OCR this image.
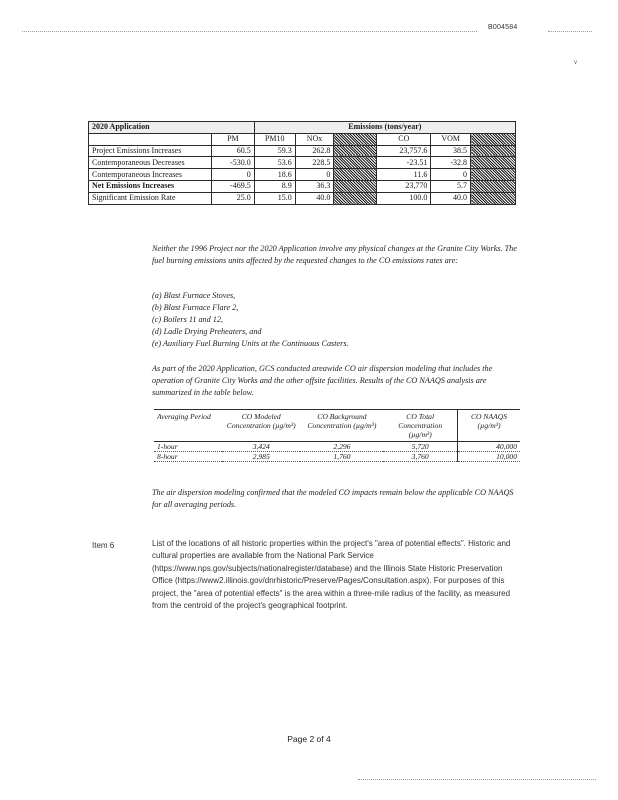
B004584
v
2020 Application		Emissions (tons/year)					
	PM	PM10	NOx		CO	VOM	
Project Emissions Increases	60.5	59.3	262.8		23,757.6	38.5	
Contemporaneous Decreases	-530.0	53.6	228.5		-23.51	-32.8	
Contemporaneous Increases	0	18.6	0		11.6	0	
Net Emissions Increases	-469.5	8.9	36.3		23,770	5.7	
Significant Emission Rate	25.0	15.0	40.0		100.0	40.0	
Neither the 1996 Project nor the 2020 Application involve any physical changes at the Granite City Works. The fuel burning emissions units affected by the requested changes to the CO emissions rates are:
(a) Blast Furnace Stoves,
(b) Blast Furnace Flare 2,
(c) Boilers 11 and 12,
(d) Ladle Drying Preheaters, and
(e) Auxiliary Fuel Burning Units at the Continuous Casters.
As part of the 2020 Application, GCS conducted areawide CO air dispersion modeling that includes the operation of Granite City Works and the other offsite facilities. Results of the CO NAAQS analysis are summarized in the table below.
Averaging Period	CO Modeled Concentration (µg/m³)	CO Background Concentration (µg/m³)	CO Total Concentration (µg/m³)	CO NAAQS (µg/m³)
1-hour	3,424	2,296	5,720	40,000
8-hour	2,985	1,760	3,760	10,000
The air dispersion modeling confirmed that the modeled CO impacts remain below the applicable CO NAAQS for all averaging periods.
Item 6	List of the locations of all historic properties within the project's "area of potential effects". Historic and cultural properties are available from the National Park Service (https://www.nps.gov/subjects/nationalregister/database) and the Illinois State Historic Preservation Office (https://www2.illinois.gov/dnrhistoric/Preserve/Pages/Consultation.aspx). For purposes of this project, the "area of potential effects" is the area within a three-mile radius of the facility, as measured from the centroid of the project's geographical footprint.
Page 2 of 4
